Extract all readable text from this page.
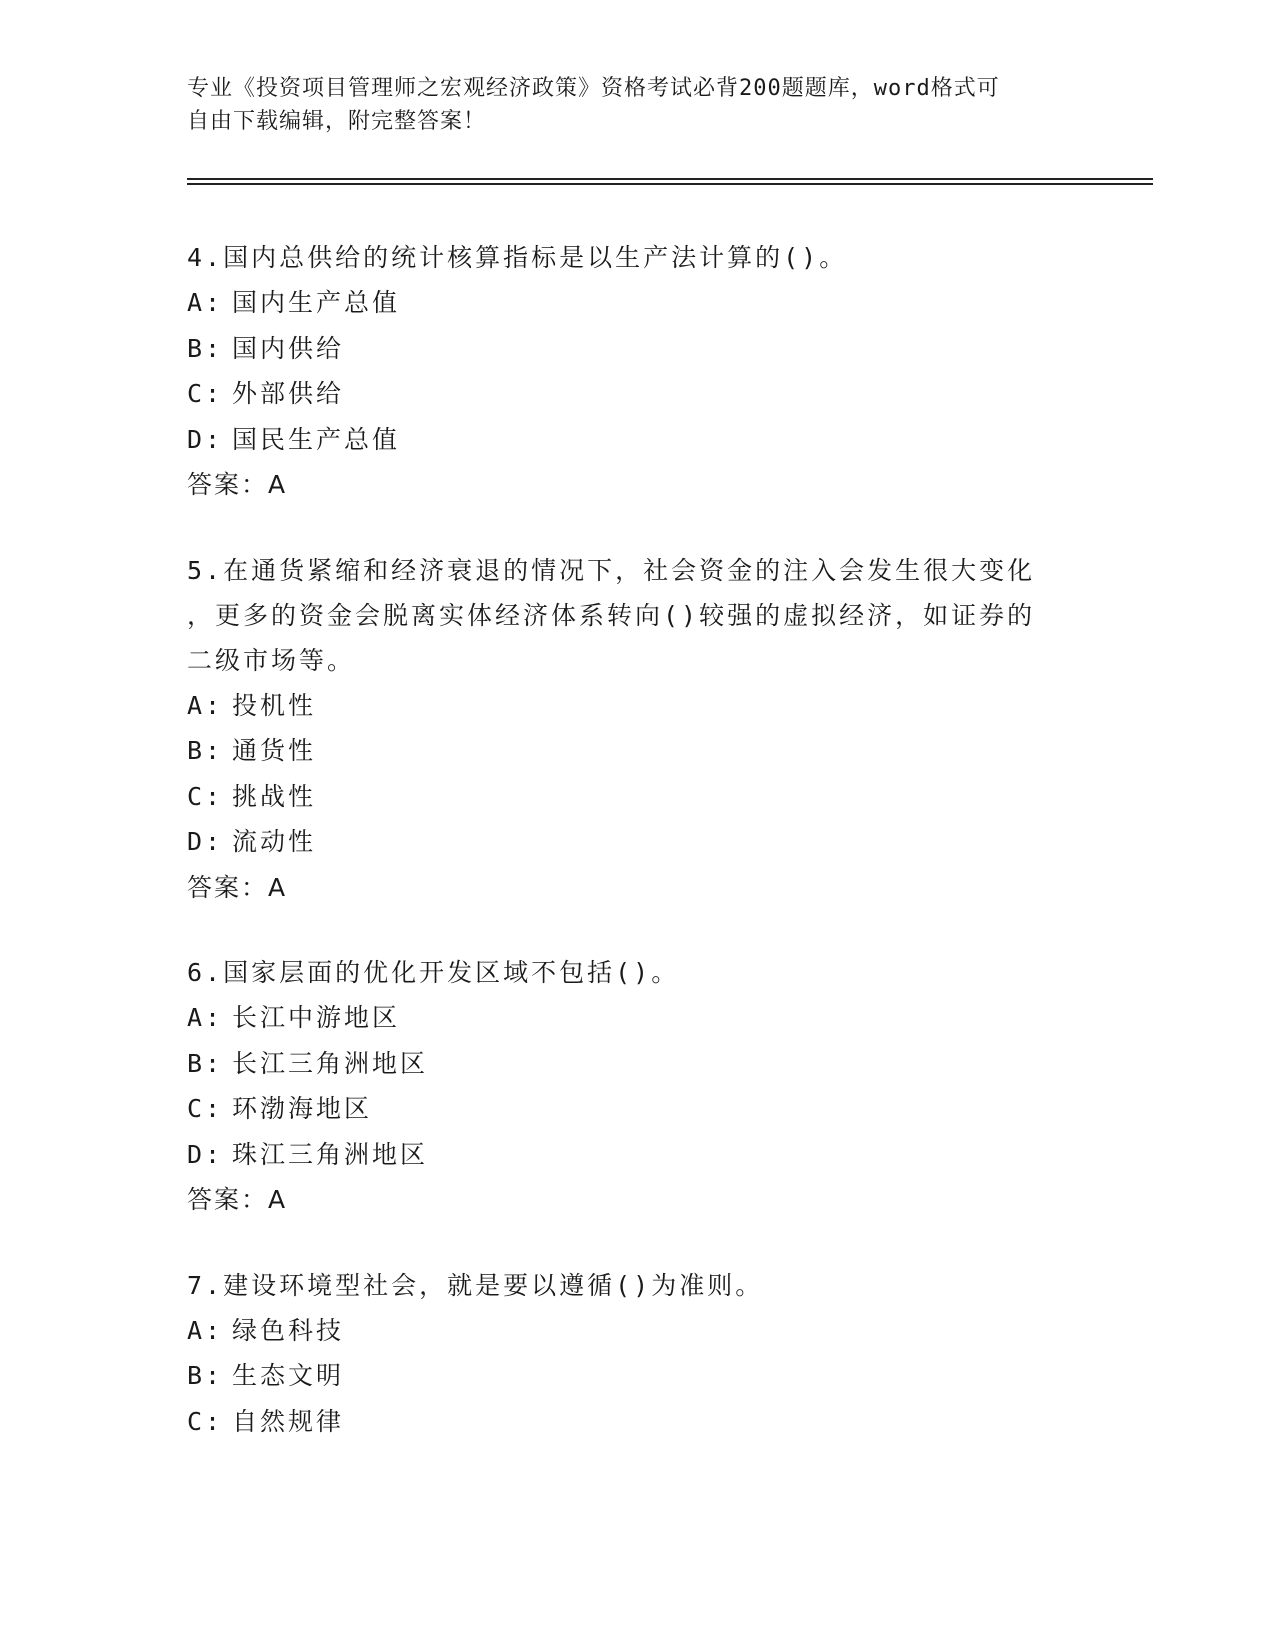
专业《投资项目管理师之宏观经济政策》资格考试必背200题题库，word格式可
自由下载编辑，附完整答案！

4.国内总供给的统计核算指标是以生产法计算的()。

A: 国内生产总值
B: 国内供给
C: 外部供给
D: 国民生产总值
答案：A

5.在通货紧缩和经济衰退的情况下，社会资金的注入会发生很大变化

，更多的资金会脱离实体经济体系转向()较强的虚拟经济，如证券的

二级市场等。

A: 投机性
B: 通货性
C: 挑战性
D: 流动性
答案：A

6.国家层面的优化开发区域不包括()。

A: 长江中游地区
B: 长江三角洲地区
C: 环渤海地区
D: 珠江三角洲地区
答案：A

7.建设环境型社会，就是要以遵循()为准则。

A: 绿色科技
B: 生态文明
C: 自然规律
